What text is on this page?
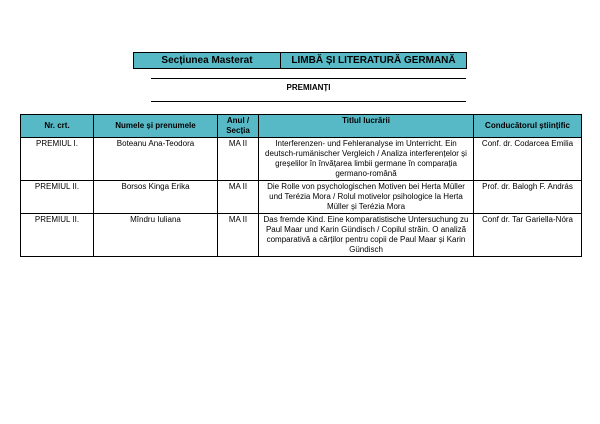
Secțiunea Masterat	LIMBĂ ȘI LITERATURĂ GERMANĂ
PREMIANȚI
Nr. crt.	Numele și prenumele	Anul / Secția	Titlul lucrării	Conducătorul științific
PREMIUL I.	Boteanu Ana-Teodora	MA II	Interferenzen- und Fehleranalyse im Unterricht. Ein deutsch-rumänischer Vergleich / Analiza interferențelor și greșelilor în învățarea limbii germane în comparația germano-română	Conf. dr. Codarcea Emilia
PREMIUL II.	Borsos Kinga Erika	MA II	Die Rolle von psychologischen Motiven bei Herta Müller und Terézia Mora / Rolul motivelor psihologice la Herta Müller și Terézia Mora	Prof. dr. Balogh F. András
PREMIUL II.	Mîndru Iuliana	MA II	Das fremde Kind. Eine komparatistische Untersuchung zu Paul Maar und Karin Gündisch / Copilul străin. O analiză comparativă a cărților pentru copii de Paul Maar și Karin Gündisch	Conf dr. Tar Gariella-Nóra
